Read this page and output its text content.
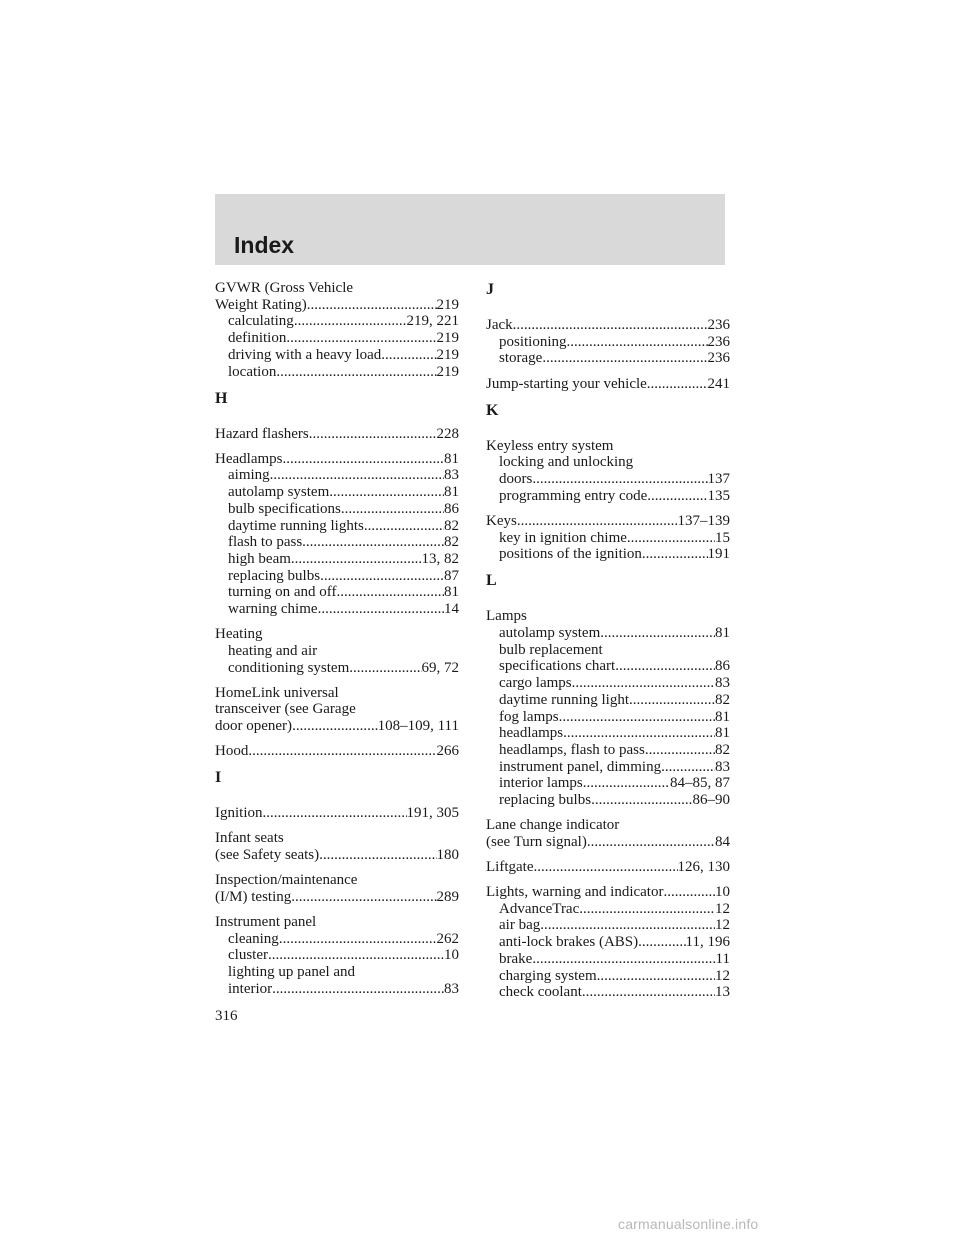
Index
GVWR (Gross Vehicle
Weight Rating) .....	219
calculating .....	219, 221
definition .....	219
driving with a heavy load .....	219
location .....	219
H
Hazard flashers .....	228
Headlamps .....	81
aiming .....	83
autolamp system .....	81
bulb specifications .....	86
daytime running lights .....	82
flash to pass .....	82
high beam .....	13, 82
replacing bulbs .....	87
turning on and off .....	81
warning chime .....	14
Heating
heating and air
conditioning system .....	69, 72
HomeLink universal
transceiver (see Garage
door opener) .....	108–109, 111
Hood .....	266
I
Ignition .....	191, 305
Infant seats
(see Safety seats) .....	180
Inspection/maintenance
(I/M) testing .....	289
Instrument panel
cleaning .....	262
cluster .....	10
lighting up panel and
interior .....	83
J
Jack .....	236
positioning .....	236
storage .....	236
Jump-starting your vehicle .....	241
K
Keyless entry system
locking and unlocking
doors .....	137
programming entry code .....	135
Keys .....	137–139
key in ignition chime .....	15
positions of the ignition .....	191
L
Lamps
autolamp system .....	81
bulb replacement
specifications chart .....	86
cargo lamps .....	83
daytime running light .....	82
fog lamps .....	81
headlamps .....	81
headlamps, flash to pass .....	82
instrument panel, dimming .....	83
interior lamps .....	84–85, 87
replacing bulbs .....	86–90
Lane change indicator
(see Turn signal) .....	84
Liftgate .....	126, 130
Lights, warning and indicator .....	10
AdvanceTrac .....	12
air bag .....	12
anti-lock brakes (ABS) .....	11, 196
brake .....	11
charging system .....	12
check coolant .....	13
316
carmanualsonline.info
